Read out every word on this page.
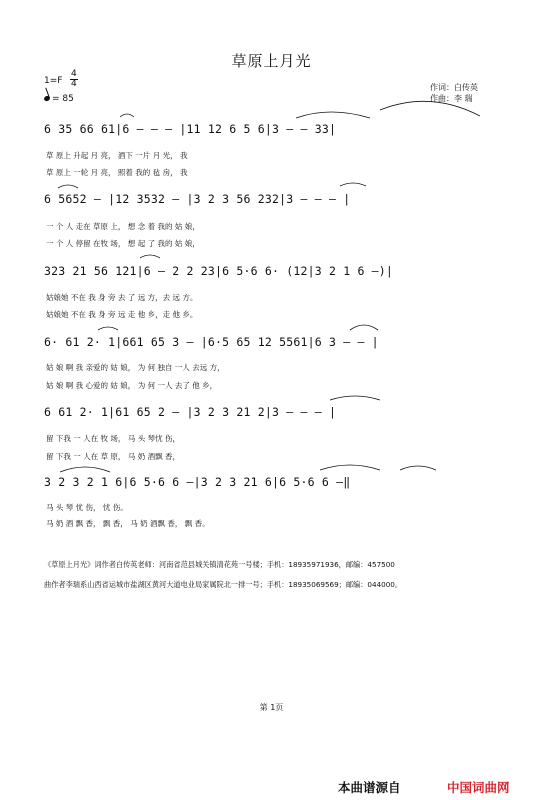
草原上月光
1=F
4
4
= 85
作词：白传英
作曲：李 瑞
6 35 66 61|6 – – – |11 12 6 5 6|3 – – 33|
草 原上 升起 月 亮， 酒下 一片 月 光， 我
草 原上 一轮 月 亮， 照着 我的 毡 房， 我
6 5652 – |12 3532 – |3 2 3 56 232|3 – – – |
一 个 人 走在 草原 上， 想 念 着 我的 姑 娘，
一 个 人 停留 在牧 场， 想 起 了 我的 姑 娘，
323 21 56 121|6 – 2 2 23|6 5·6 6· (12|3 2 1 6 –)|
姑娘她 不在 我 身 旁 去 了 远 方，去 远 方。
姑娘她 不在 我 身 旁 远 走 他 乡，走 他 乡。
6· 61 2· 1|661 65 3 – |6·5 65 12 5561|6 3 – – |
姑 娘 啊 我 亲爱的 姑 娘， 为 何 独自 一人 去远 方，
姑 娘 啊 我 心爱的 姑 娘， 为 何 一人 去了 他 乡，
6 61 2· 1|61 65 2 – |3 2 3 21 2|3 – – – |
留 下我 一 人在 牧 场， 马 头 琴忧 伤，
留 下我 一 人在 草 原， 马 奶 酒飘 香，
3 2 3 2 1 6|6 5·6 6 –|3 2 3 21 6|6 5·6 6 –‖
马 头 琴 忧 伤， 忧 伤。
马 奶 酒 飘 香， 飘 香， 马 奶 酒飘 香， 飘 香。
《草原上月光》词作者白传英老师：河南省范县城关镇清花苑一号楼；手机：18935971936，邮编：457500
曲作者李瑞系山西省运城市盐湖区黄河大道电业局家属院北一排一号；手机：18935069569；邮编：044000。
第 1页
本曲谱源自	中国词曲网
